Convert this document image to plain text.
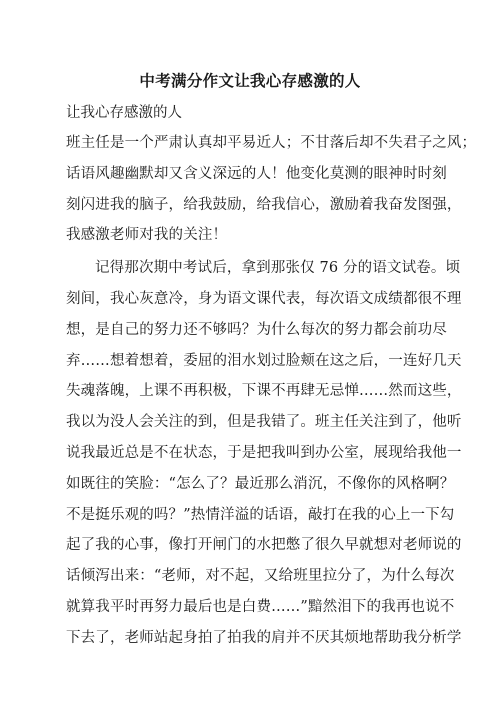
中考满分作文让我心存感激的人

让我心存感激的人

班主任是一个严肃认真却平易近人；不甘落后却不失君子之风；
话语风趣幽默却又含义深远的人！他变化莫测的眼神时时刻
刻闪进我的脑子，给我鼓励，给我信心，激励着我奋发图强，
我感激老师对我的关注！
记得那次期中考试后，拿到那张仅 76 分的语文试卷。顷
刻间，我心灰意冷，身为语文课代表，每次语文成绩都很不理
想，是自己的努力还不够吗？为什么每次的努力都会前功尽
弃……想着想着，委屈的泪水划过脸颊在这之后，一连好几天
失魂落魄，上课不再积极，下课不再肆无忌惮……然而这些，
我以为没人会关注的到，但是我错了。班主任关注到了，他听
说我最近总是不在状态，于是把我叫到办公室，展现给我他一
如既往的笑脸：“怎么了？最近那么消沉，不像你的风格啊？
不是挺乐观的吗？”热情洋溢的话语，敲打在我的心上一下勾
起了我的心事，像打开闸门的水把憋了很久早就想对老师说的
话倾泻出来：“老师，对不起，又给班里拉分了，为什么每次
就算我平时再努力最后也是白费……”黯然泪下的我再也说不
下去了，老师站起身拍了拍我的肩并不厌其烦地帮助我分析学
